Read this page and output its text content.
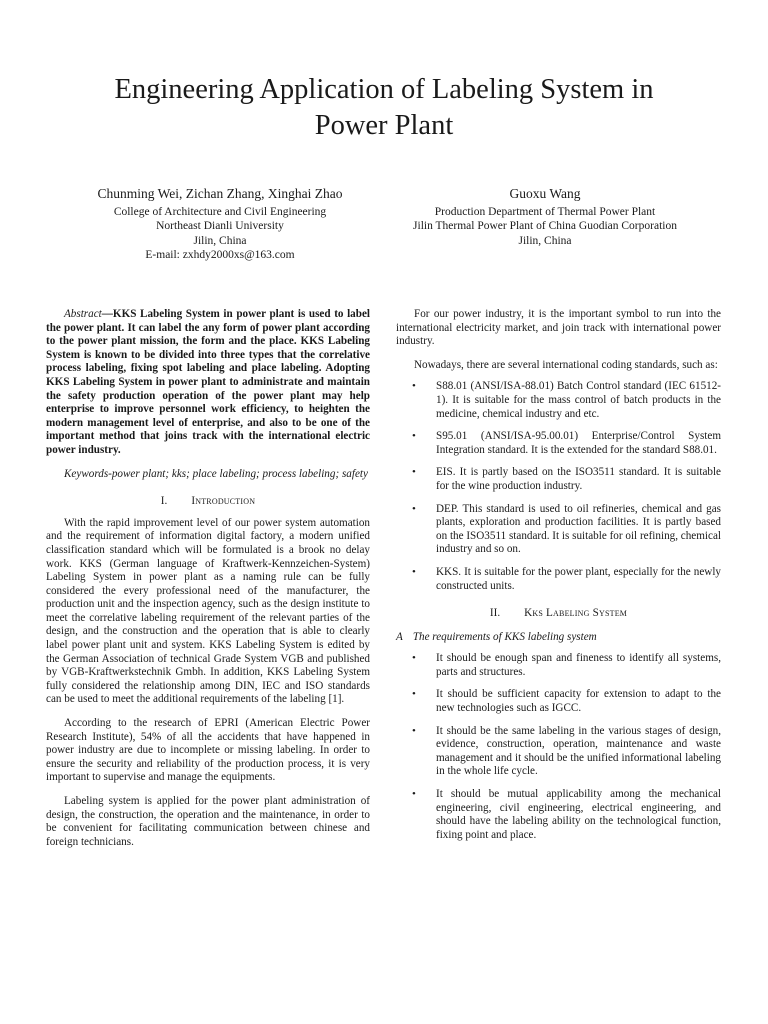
Engineering Application of Labeling System in
Power Plant
Chunming Wei, Zichan Zhang, Xinghai Zhao
College of Architecture and Civil Engineering
Northeast Dianli University
Jilin, China
E-mail: zxhdy2000xs@163.com
Guoxu Wang
Production Department of Thermal Power Plant
Jilin Thermal Power Plant of China Guodian Corporation
Jilin, China

Abstract—KKS Labeling System in power plant is used to label the power plant. It can label the any form of power plant according to the power plant mission, the form and the place. KKS Labeling System is known to be divided into three types that the correlative process labeling, fixing spot labeling and place labeling. Adopting KKS Labeling System in power plant to administrate and maintain the safety production operation of the power plant may help enterprise to improve personnel work efficiency, to heighten the modern management level of enterprise, and also to be one of the important method that joins track with the international electric power industry.

Keywords-power plant; kks; place labeling; process labeling; safety

I. Introduction

With the rapid improvement level of our power system automation and the requirement of information digital factory, a modern unified classification standard which will be formulated is a brook no delay work. KKS (German language of Kraftwerk-Kennzeichen-System) Labeling System in power plant as a naming rule can be fully considered the every professional need of the manufacturer, the production unit and the inspection agency, such as the design institute to meet the correlative labeling requirement of the relevant parties of the design, and the construction and the operation that is able to clearly label power plant unit and system. KKS Labeling System is edited by the German Association of technical Grade System VGB and published by VGB-Kraftwerkstechnik Gmbh. In addition, KKS Labeling System fully considered the relationship among DIN, IEC and ISO standards can be used to meet the additional requirements of the labeling [1].

According to the research of EPRI (American Electric Power Research Institute), 54% of all the accidents that have happened in power industry are due to incomplete or missing labeling. In order to ensure the security and reliability of the production process, it is very important to supervise and manage the equipments.

Labeling system is applied for the power plant administration of design, the construction, the operation and the maintenance, in order to be convenient for facilitating communication between chinese and foreign technicians.

For our power industry, it is the important symbol to run into the international electricity market, and join track with international power industry.

Nowadays, there are several international coding standards, such as:

• S88.01 (ANSI/ISA-88.01) Batch Control standard (IEC 61512-1). It is suitable for the mass control of batch products in the medicine, chemical industry and etc.
• S95.01 (ANSI/ISA-95.00.01) Enterprise/Control System Integration standard. It is the extended for the standard S88.01.
• EIS. It is partly based on the ISO3511 standard. It is suitable for the wine production industry.
• DEP. This standard is used to oil refineries, chemical and gas plants, exploration and production facilities. It is partly based on the ISO3511 standard. It is suitable for oil refining, chemical industry and so on.
• KKS. It is suitable for the power plant, especially for the newly constructed units.
II. Kks Labeling System
A The requirements of KKS labeling system
• It should be enough span and fineness to identify all systems, parts and structures.
• It should be sufficient capacity for extension to adapt to the new technologies such as IGCC.
• It should be the same labeling in the various stages of design, evidence, construction, operation, maintenance and waste management and it should be the unified informational labeling in the whole life cycle.
• It should be mutual applicability among the mechanical engineering, civil engineering, electrical engineering, and should have the labeling ability on the technological function, fixing point and place.
